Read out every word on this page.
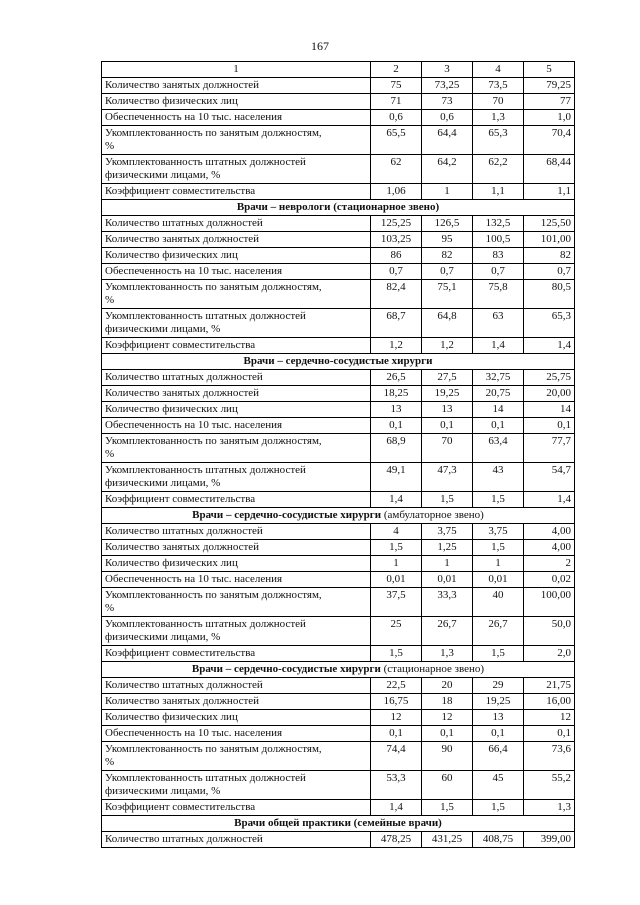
167
1	2	3	4	5
Количество занятых должностей	75	73,25	73,5	79,25
Количество физических лиц	71	73	70	77
Обеспеченность на 10 тыс. населения	0,6	0,6	1,3	1,0

Укомплектованность по занятым должностям,
%	65,5	64,4	65,3	70,4

Укомплектованность штатных должностей
физическими лицами, %	62	64,2	62,2	68,44
Коэффициент совместительства	1,06	1	1,1	1,1
Врачи – неврологи (стационарное звено)				
Количество штатных должностей	125,25	126,5	132,5	125,50
Количество занятых должностей	103,25	95	100,5	101,00
Количество физических лиц	86	82	83	82
Обеспеченность на 10 тыс. населения	0,7	0,7	0,7	0,7

Укомплектованность по занятым должностям,
%	82,4	75,1	75,8	80,5

Укомплектованность штатных должностей
физическими лицами, %	68,7	64,8	63	65,3
Коэффициент совместительства	1,2	1,2	1,4	1,4
Врачи – сердечно-сосудистые хирурги				
Количество штатных должностей	26,5	27,5	32,75	25,75
Количество занятых должностей	18,25	19,25	20,75	20,00
Количество физических лиц	13	13	14	14
Обеспеченность на 10 тыс. населения	0,1	0,1	0,1	0,1

Укомплектованность по занятым должностям,
%	68,9	70	63,4	77,7

Укомплектованность штатных должностей
физическими лицами, %	49,1	47,3	43	54,7
Коэффициент совместительства	1,4	1,5	1,5	1,4
Врачи – сердечно-сосудистые хирурги (амбулаторное звено)				
Количество штатных должностей	4	3,75	3,75	4,00
Количество занятых должностей	1,5	1,25	1,5	4,00
Количество физических лиц	1	1	1	2
Обеспеченность на 10 тыс. населения	0,01	0,01	0,01	0,02

Укомплектованность по занятым должностям,
%	37,5	33,3	40	100,00

Укомплектованность штатных должностей
физическими лицами, %	25	26,7	26,7	50,0
Коэффициент совместительства	1,5	1,3	1,5	2,0
Врачи – сердечно-сосудистые хирурги (стационарное звено)				
Количество штатных должностей	22,5	20	29	21,75
Количество занятых должностей	16,75	18	19,25	16,00
Количество физических лиц	12	12	13	12
Обеспеченность на 10 тыс. населения	0,1	0,1	0,1	0,1

Укомплектованность по занятым должностям,
%	74,4	90	66,4	73,6

Укомплектованность штатных должностей
физическими лицами, %	53,3	60	45	55,2
Коэффициент совместительства	1,4	1,5	1,5	1,3
Врачи общей практики (семейные врачи)				
Количество штатных должностей	478,25	431,25	408,75	399,00
